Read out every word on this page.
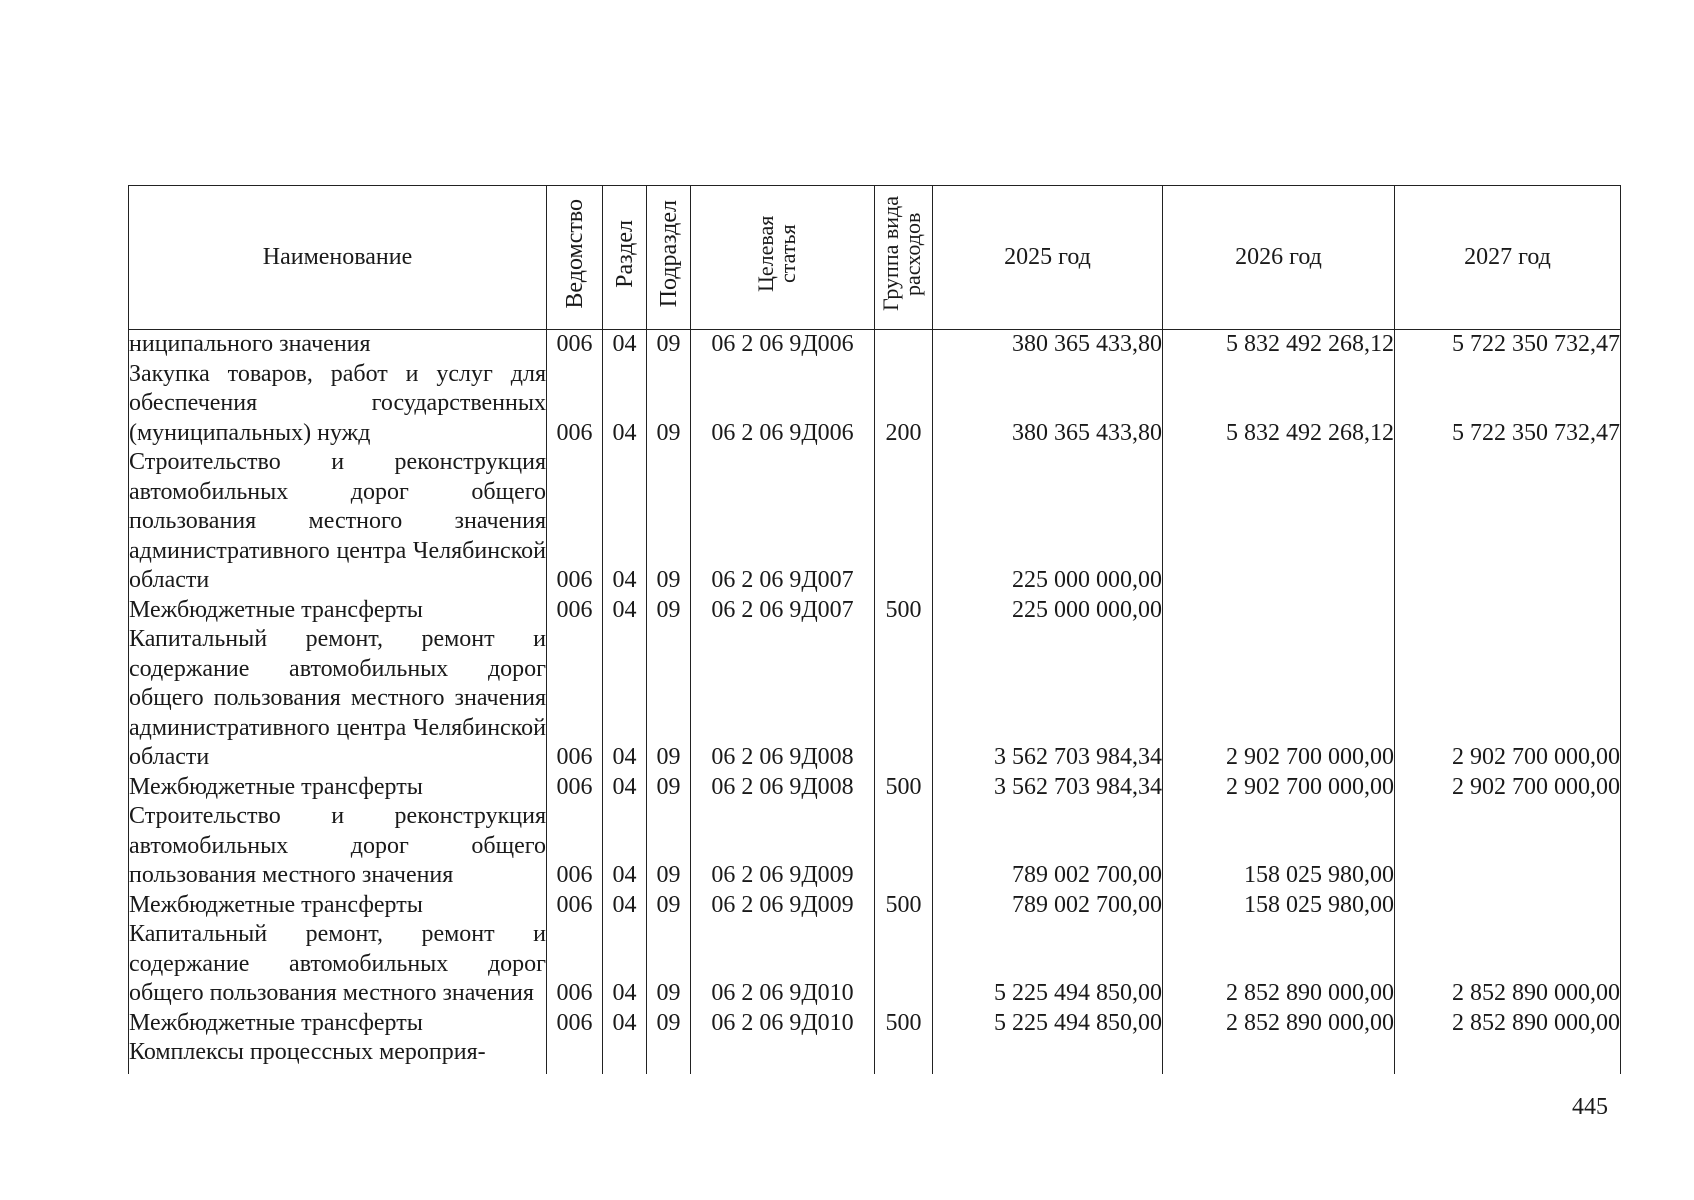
Наименование	Ведомство	Раздел	Подраздел	Целевая статья	Группа вида расходов	2025 год	2026 год	2027 год
ниципального значения	006	04	09	06 2 06 9Д006		380 365 433,80	5 832 492 268,12	5 722 350 732,47
Закупка товаров, работ и услуг для обеспечения государственных (муниципальных) нужд	006	04	09	06 2 06 9Д006	200	380 365 433,80	5 832 492 268,12	5 722 350 732,47
Строительство и реконструкция автомобильных дорог общего пользования местного значения административного центра Челябинской области	006	04	09	06 2 06 9Д007		225 000 000,00		
Межбюджетные трансферты	006	04	09	06 2 06 9Д007	500	225 000 000,00		
Капитальный ремонт, ремонт и содержание автомобильных дорог общего пользования местного значения административного центра Челябинской области	006	04	09	06 2 06 9Д008		3 562 703 984,34	2 902 700 000,00	2 902 700 000,00
Межбюджетные трансферты	006	04	09	06 2 06 9Д008	500	3 562 703 984,34	2 902 700 000,00	2 902 700 000,00
Строительство и реконструкция автомобильных дорог общего пользования местного значения	006	04	09	06 2 06 9Д009		789 002 700,00	158 025 980,00	
Межбюджетные трансферты	006	04	09	06 2 06 9Д009	500	789 002 700,00	158 025 980,00	
Капитальный ремонт, ремонт и содержание автомобильных дорог общего пользования местного значения	006	04	09	06 2 06 9Д010		5 225 494 850,00	2 852 890 000,00	2 852 890 000,00
Межбюджетные трансферты	006	04	09	06 2 06 9Д010	500	5 225 494 850,00	2 852 890 000,00	2 852 890 000,00
Комплексы процессных мероприя-								

445
